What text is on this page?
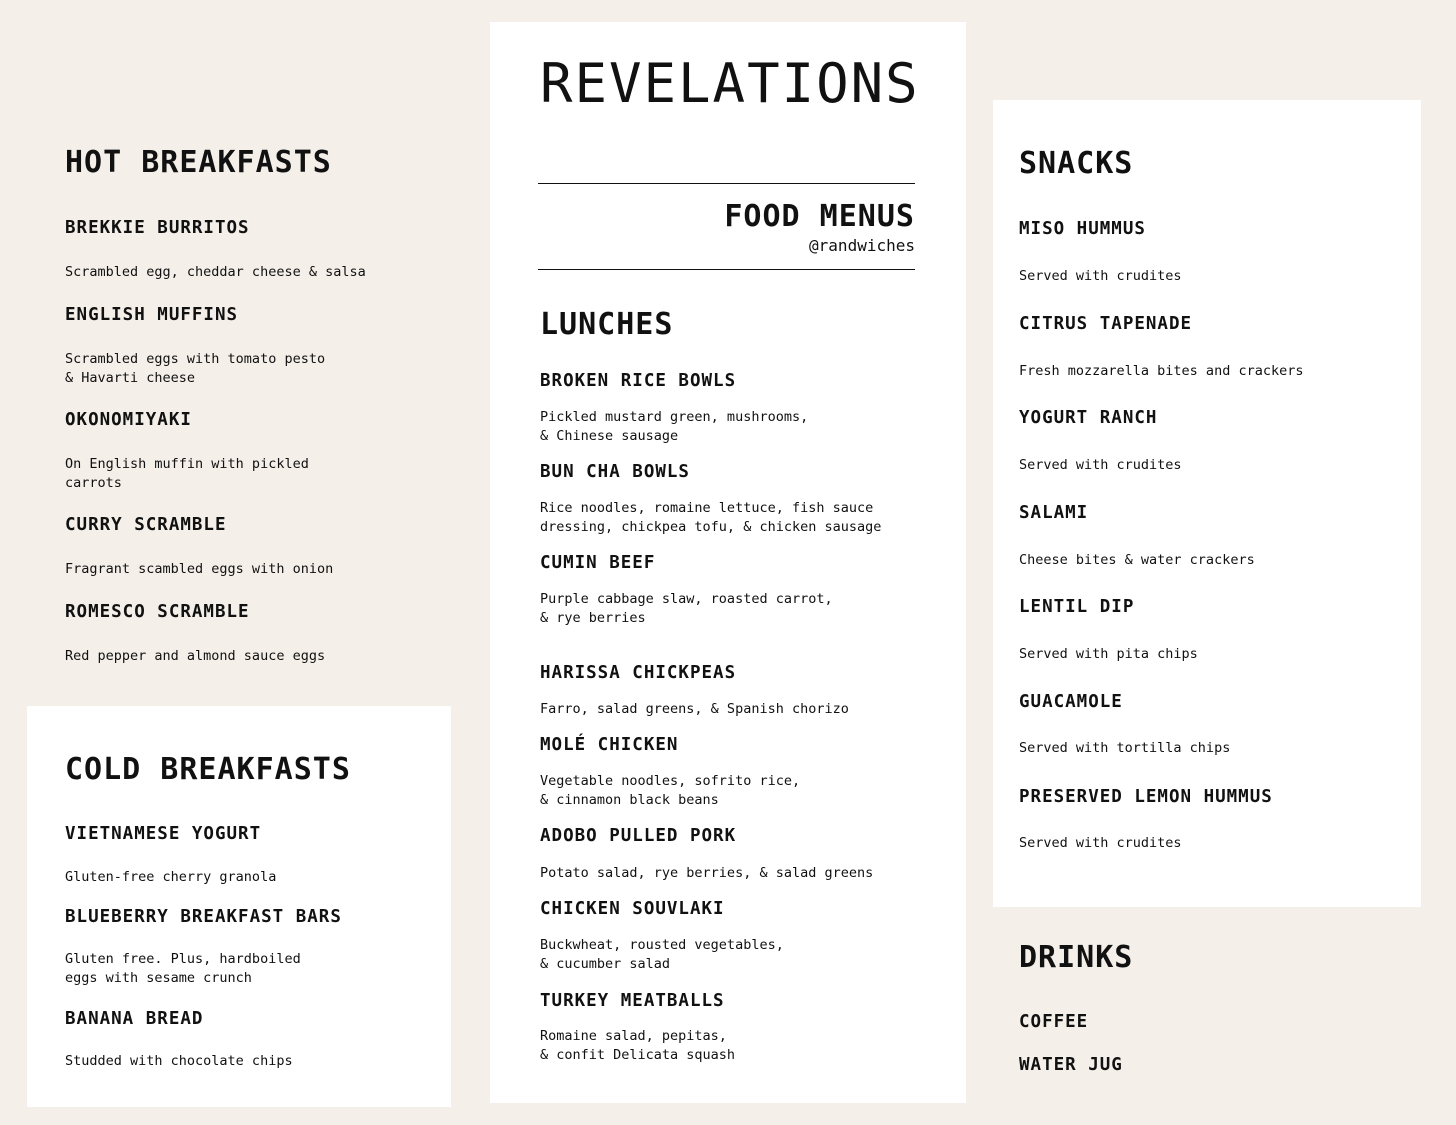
HOT BREAKFASTS

BREKKIE BURRITOS

Scrambled egg, cheddar cheese & salsa

ENGLISH MUFFINS

Scrambled eggs with tomato pesto
& Havarti cheese

OKONOMIYAKI

On English muffin with pickled
carrots

CURRY SCRAMBLE

Fragrant scambled eggs with onion

ROMESCO SCRAMBLE

Red pepper and almond sauce eggs

COLD BREAKFASTS

VIETNAMESE YOGURT

Gluten-free cherry granola

BLUEBERRY BREAKFAST BARS

Gluten free. Plus, hardboiled
eggs with sesame crunch

BANANA BREAD

Studded with chocolate chips

REVELATIONS

FOOD MENUS

@randwiches

LUNCHES

BROKEN RICE BOWLS

Pickled mustard green, mushrooms,
& Chinese sausage

BUN CHA BOWLS

Rice noodles, romaine lettuce, fish sauce
dressing, chickpea tofu, & chicken sausage

CUMIN BEEF

Purple cabbage slaw, roasted carrot,
& rye berries

HARISSA CHICKPEAS

Farro, salad greens, & Spanish chorizo

MOLÉ CHICKEN

Vegetable noodles, sofrito rice,
& cinnamon black beans

ADOBO PULLED PORK

Potato salad, rye berries, & salad greens

CHICKEN SOUVLAKI

Buckwheat, rousted vegetables,
& cucumber salad

TURKEY MEATBALLS

Romaine salad, pepitas,
& confit Delicata squash

SNACKS

MISO HUMMUS

Served with crudites

CITRUS TAPENADE

Fresh mozzarella bites and crackers

YOGURT RANCH

Served with crudites

SALAMI

Cheese bites & water crackers

LENTIL DIP

Served with pita chips

GUACAMOLE

Served with tortilla chips

PRESERVED LEMON HUMMUS

Served with crudites

DRINKS

COFFEE

WATER JUG
